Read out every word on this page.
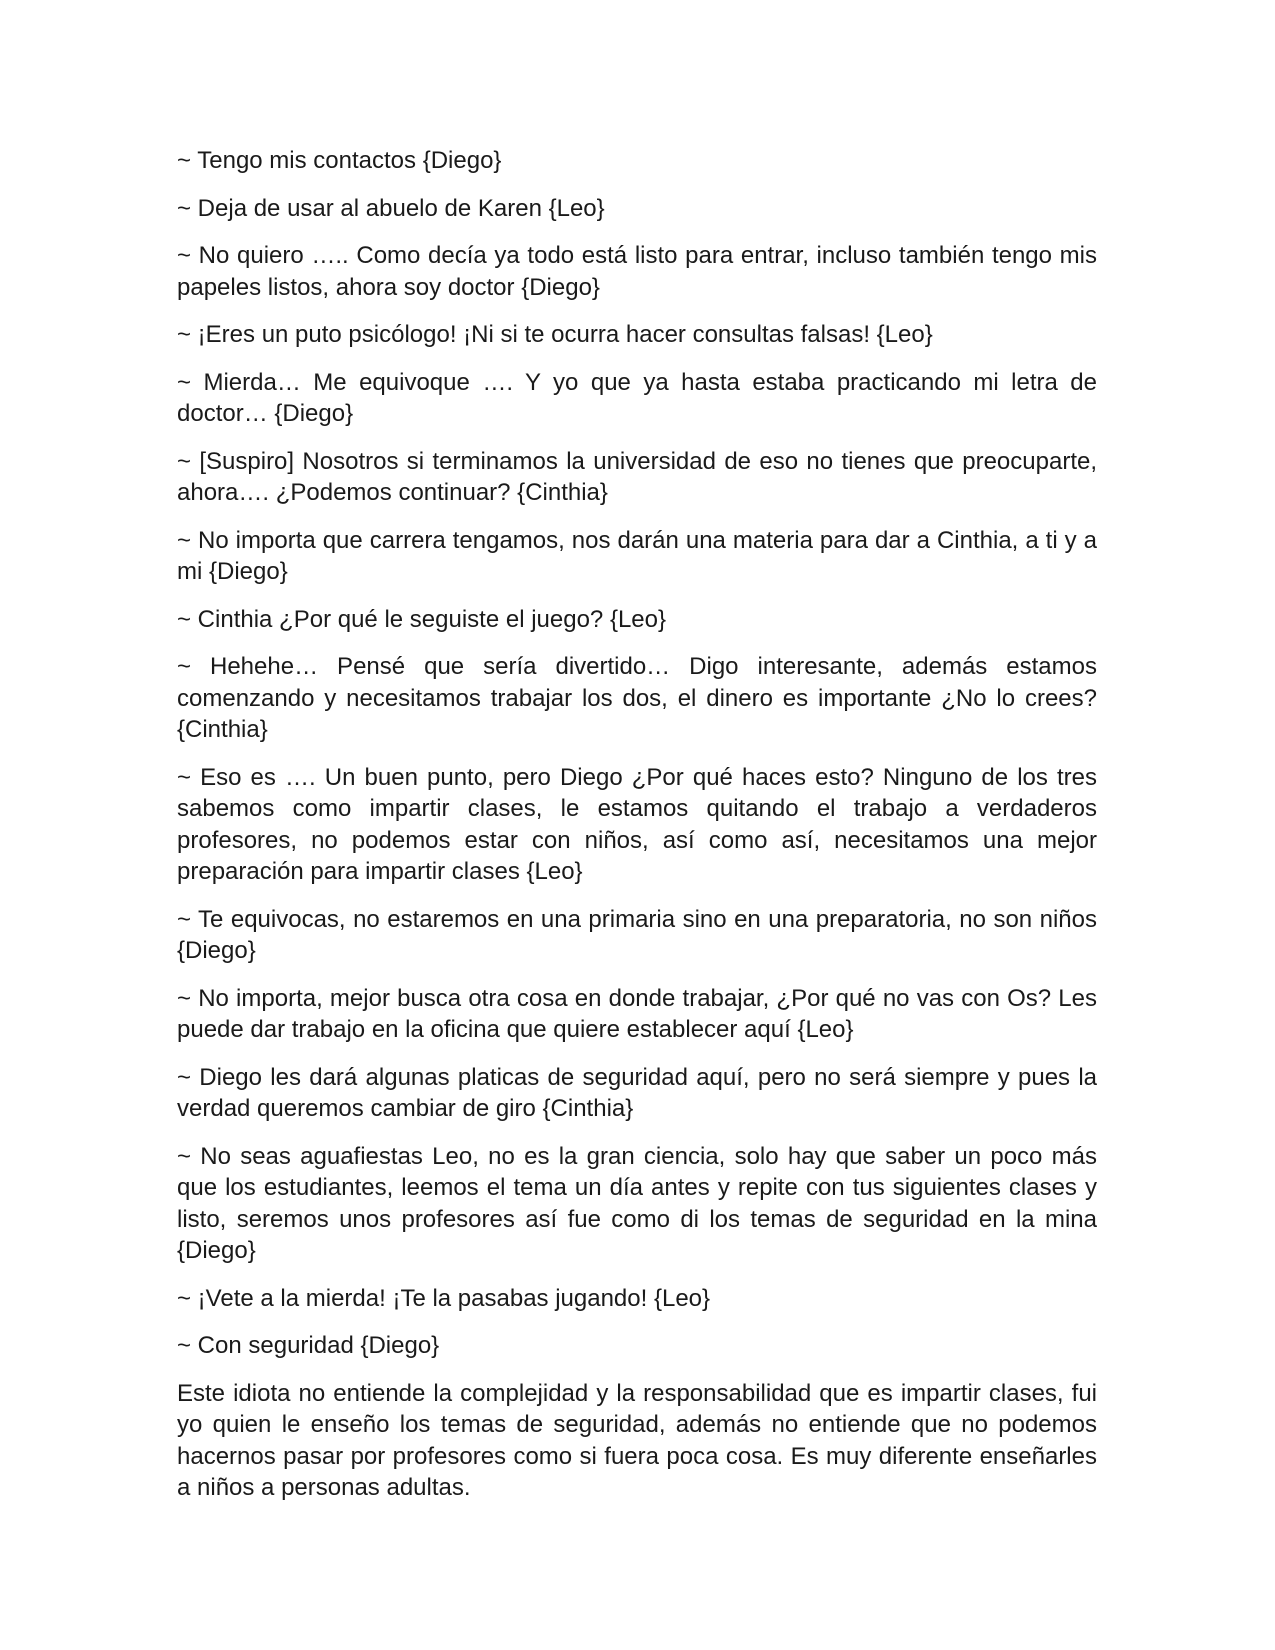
~ Tengo mis contactos {Diego}

~ Deja de usar al abuelo de Karen {Leo}

~ No quiero ….. Como decía ya todo está listo para entrar, incluso también tengo mis papeles listos, ahora soy doctor {Diego}

~ ¡Eres un puto psicólogo! ¡Ni si te ocurra hacer consultas falsas! {Leo}

~ Mierda… Me equivoque …. Y yo que ya hasta estaba practicando mi letra de doctor… {Diego}

~ [Suspiro] Nosotros si terminamos la universidad de eso no tienes que preocuparte, ahora…. ¿Podemos continuar? {Cinthia}

~ No importa que carrera tengamos, nos darán una materia para dar a Cinthia, a ti y a mi {Diego}

~ Cinthia ¿Por qué le seguiste el juego? {Leo}

~ Hehehe… Pensé que sería divertido… Digo interesante, además estamos comenzando y necesitamos trabajar los dos, el dinero es importante ¿No lo crees? {Cinthia}

~ Eso es …. Un buen punto, pero Diego ¿Por qué haces esto? Ninguno de los tres sabemos como impartir clases, le estamos quitando el trabajo a verdaderos profesores, no podemos estar con niños, así como así, necesitamos una mejor preparación para impartir clases {Leo}

~ Te equivocas, no estaremos en una primaria sino en una preparatoria, no son niños {Diego}

~ No importa, mejor busca otra cosa en donde trabajar, ¿Por qué no vas con Os? Les puede dar trabajo en la oficina que quiere establecer aquí {Leo}

~ Diego les dará algunas platicas de seguridad aquí, pero no será siempre y pues la verdad queremos cambiar de giro {Cinthia}

~ No seas aguafiestas Leo, no es la gran ciencia, solo hay que saber un poco más que los estudiantes, leemos el tema un día antes y repite con tus siguientes clases y listo, seremos unos profesores así fue como di los temas de seguridad en la mina {Diego}

~ ¡Vete a la mierda! ¡Te la pasabas jugando! {Leo}

~ Con seguridad {Diego}

Este idiota no entiende la complejidad y la responsabilidad que es impartir clases, fui yo quien le enseño los temas de seguridad, además no entiende que no podemos hacernos pasar por profesores como si fuera poca cosa. Es muy diferente enseñarles a niños a personas adultas.
